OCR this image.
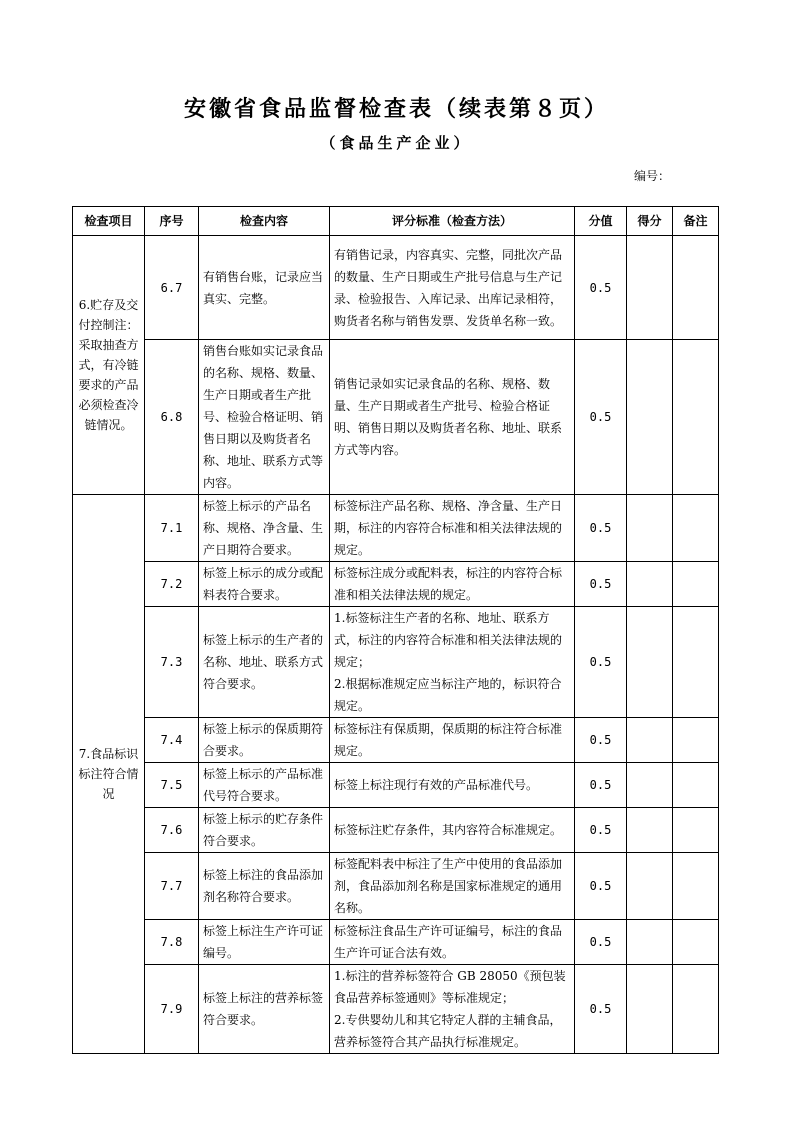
安徽省食品监督检查表（续表第８页）
（食品生产企业）
编号：
检查项目	序号	检查内容	评分标准（检查方法）	分值	得分	备注
6.贮存及交付控制注：采取抽查方式，有冷链要求的产品必须检查冷链情况。	6.7	有销售台账，记录应当真实、完整。	有销售记录，内容真实、完整，同批次产品的数量、生产日期或生产批号信息与生产记录、检验报告、入库记录、出库记录相符，购货者名称与销售发票、发货单名称一致。	0.5		
	6.8	销售台账如实记录食品的名称、规格、数量、生产日期或者生产批号、检验合格证明、销售日期以及购货者名称、地址、联系方式等内容。	销售记录如实记录食品的名称、规格、数量、生产日期或者生产批号、检验合格证明、销售日期以及购货者名称、地址、联系方式等内容。	0.5		
7.食品标识标注符合情况	7.1	标签上标示的产品名称、规格、净含量、生产日期符合要求。	标签标注产品名称、规格、净含量、生产日期，标注的内容符合标准和相关法律法规的规定。	0.5		
	7.2	标签上标示的成分或配料表符合要求。	标签标注成分或配料表，标注的内容符合标准和相关法律法规的规定。	0.5		
	7.3	标签上标示的生产者的名称、地址、联系方式符合要求。	1.标签标注生产者的名称、地址、联系方式，标注的内容符合标准和相关法律法规的规定；
2.根据标准规定应当标注产地的，标识符合规定。	0.5		
	7.4	标签上标示的保质期符合要求。	标签标注有保质期，保质期的标注符合标准规定。	0.5		
	7.5	标签上标示的产品标准代号符合要求。	标签上标注现行有效的产品标准代号。	0.5		
	7.6	标签上标示的贮存条件符合要求。	标签标注贮存条件，其内容符合标准规定。	0.5		
	7.7	标签上标注的食品添加剂名称符合要求。	标签配料表中标注了生产中使用的食品添加剂，食品添加剂名称是国家标准规定的通用名称。	0.5		
	7.8	标签上标注生产许可证编号。	标签标注食品生产许可证编号，标注的食品生产许可证合法有效。	0.5		
	7.9	标签上标注的营养标签符合要求。	1.标注的营养标签符合 GB 28050《预包装食品营养标签通则》等标准规定；
2.专供婴幼儿和其它特定人群的主辅食品，营养标签符合其产品执行标准规定。	0.5		
